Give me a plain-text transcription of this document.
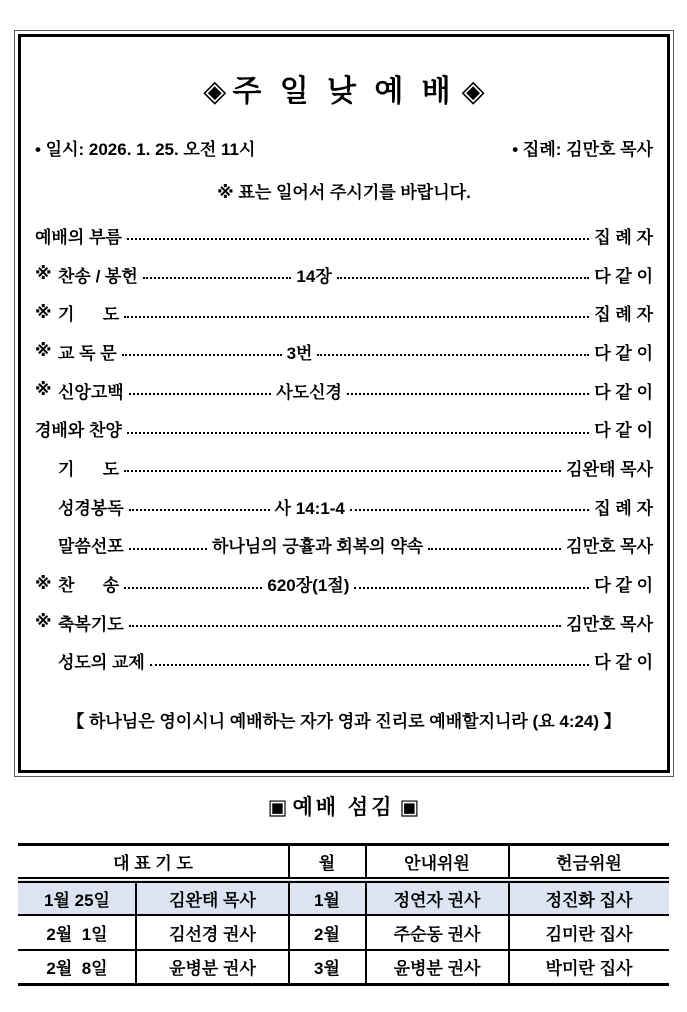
◈ 주 일 낮 예 배 ◈
• 일시: 2026. 1. 25. 오전 11시	• 집례: 김만호 목사
※ 표는 일어서 주시기를 바랍니다.
예배의 부름	집 례 자
※ 찬송 / 봉헌	14장	다 같 이
※ 기      도	집 례 자
※ 교 독 문	3번	다 같 이
※ 신앙고백	사도신경	다 같 이
경배와 찬양	다 같 이
기      도	김완태 목사
성경봉독	사 14:1-4	집 례 자
말씀선포	하나님의 긍휼과 회복의 약속	김만호 목사
※ 찬      송	620장(1절)	다 같 이
※ 축복기도	김만호 목사
성도의 교제	다 같 이
【 하나님은 영이시니 예배하는 자가 영과 진리로 예배할지니라 (요 4:24) 】
▣ 예배 섬김 ▣
대 표 기 도		월	안내위원	헌금위원
1월 25일	김완태 목사	1월	정연자 권사	정진화 집사
2월  1일	김선경 권사	2월	주순동 권사	김미란 집사
2월  8일	윤병분 권사	3월	윤병분 권사	박미란 집사
